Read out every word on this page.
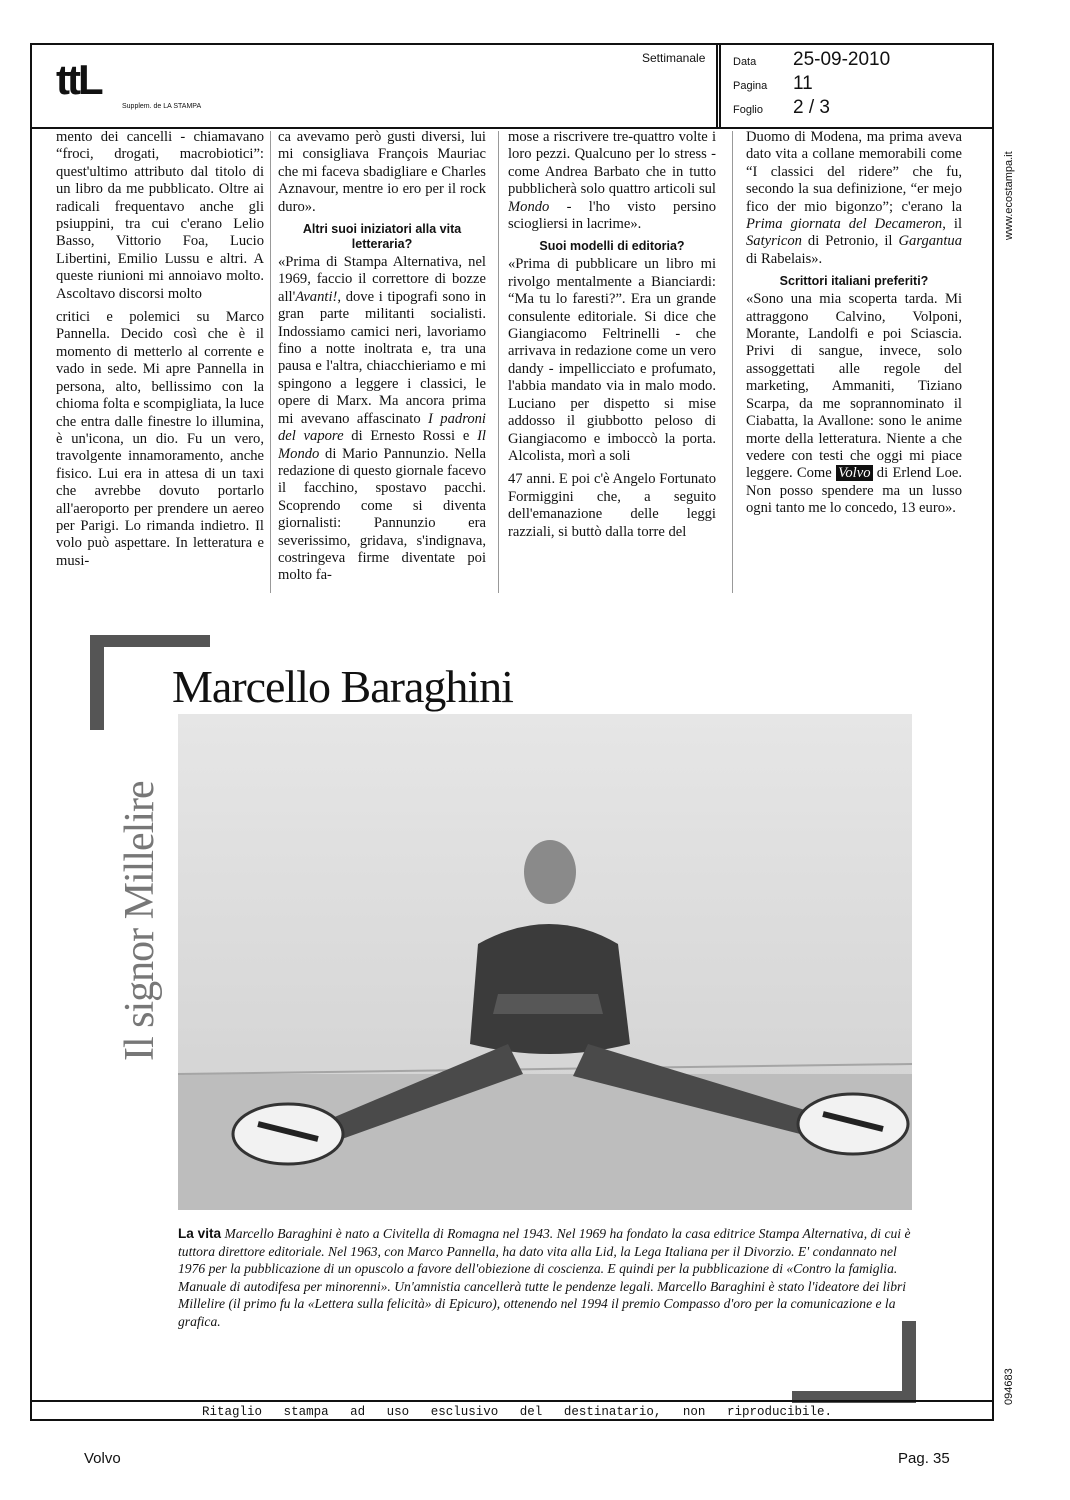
ttL
Supplem. de LA STAMPA
Settimanale	Data 25-09-2010
Pagina 11
Foglio 2 / 3

mento dei cancelli - chiamavano “froci, drogati, macrobiotici”: quest'ultimo attributo dal titolo di un libro da me pubblicato. Oltre ai radicali frequentavo anche gli psiuppini, tra cui c'erano Lelio Basso, Vittorio Foa, Lucio Libertini, Emilio Lussu e altri. A queste riunioni mi annoiavo molto. Ascoltavo discorsi molto

critici e polemici su Marco Pannella. Decido così che è il momento di metterlo al corrente e vado in sede. Mi apre Pannella in persona, alto, bellissimo con la chioma folta e scompigliata, la luce che entra dalle finestre lo illumina, è un'icona, un dio. Fu un vero, travolgente innamoramento, anche fisico. Lui era in attesa di un taxi che avrebbe dovuto portarlo all'aeroporto per prendere un aereo per Parigi. Lo rimanda indietro. Il volo può aspettare. In letteratura e musi-

ca avevamo però gusti diversi, lui mi consigliava François Mauriac che mi faceva sbadigliare e Charles Aznavour, mentre io ero per il rock duro».

Altri suoi iniziatori alla vita letteraria?

«Prima di Stampa Alternativa, nel 1969, faccio il correttore di bozze all'Avanti!, dove i tipografi sono in gran parte militanti socialisti. Indossiamo camici neri, lavoriamo fino a notte inoltrata e, tra una pausa e l'altra, chiacchieriamo e mi spingono a leggere i classici, le opere di Marx. Ma ancora prima mi avevano affascinato I padroni del vapore di Ernesto Rossi e Il Mondo di Mario Pannunzio. Nella redazione di questo giornale facevo il facchino, spostavo pacchi. Scoprendo come si diventa giornalisti: Pannunzio era severissimo, gridava, s'indignava, costringeva firme diventate poi molto fa-

mose a riscrivere tre-quattro volte i loro pezzi. Qualcuno per lo stress - come Andrea Barbato che in tutto pubblicherà solo quattro articoli sul Mondo - l'ho visto persino sciogliersi in lacrime».

Suoi modelli di editoria?

«Prima di pubblicare un libro mi rivolgo mentalmente a Bianciardi: “Ma tu lo faresti?”. Era un grande consulente editoriale. Si dice che Giangiacomo Feltrinelli - che arrivava in redazione come un vero dandy - impellicciato e profumato, l'abbia mandato via in malo modo. Luciano per dispetto si mise addosso il giubbotto peloso di Giangiacomo e imboccò la porta. Alcolista, morì a soli

47 anni. E poi c'è Angelo Fortunato Formiggini che, a seguito dell'emanazione delle leggi razziali, si buttò dalla torre del

Duomo di Modena, ma prima aveva dato vita a collane memorabili come “I classici del ridere” che fu, secondo la sua definizione, “er mejo fico der mio bigonzo”; c'erano la Prima giornata del Decameron, il Satyricon di Petronio, il Gargantua di Rabelais».

Scrittori italiani preferiti?

«Sono una mia scoperta tarda. Mi attraggono Calvino, Volponi, Morante, Landolfi e poi Sciascia. Privi di sangue, invece, solo assoggettati alle regole del marketing, Ammaniti, Tiziano Scarpa, da me soprannominato il Ciabatta, la Avallone: sono le anime morte della letteratura. Niente a che vedere con testi che oggi mi piace leggere. Come Volvo di Erlend Loe. Non posso spendere ma un lusso ogni tanto me lo concedo, 13 euro».

Marcello Baraghini
Il signor Millelire
La vita Marcello Baraghini è nato a Civitella di Romagna nel 1943. Nel 1969 ha fondato la casa editrice Stampa Alternativa, di cui è tuttora direttore editoriale. Nel 1963, con Marco Pannella, ha dato vita alla Lid, la Lega Italiana per il Divorzio. E' condannato nel 1976 per la pubblicazione di un opuscolo a favore dell'obiezione di coscienza. E quindi per la pubblicazione di «Contro la famiglia. Manuale di autodifesa per minorenni». Un'amnistia cancellerà tutte le pendenze legali. Marcello Baraghini è stato l'ideatore dei libri Millelire (il primo fu la «Lettera sulla felicità» di Epicuro), ottenendo nel 1994 il premio Compasso d'oro per la comunicazione e la grafica.
Ritaglio stampa ad uso esclusivo del destinatario, non riproducibile.
www.ecostampa.it
094683
Volvo	Pag. 35
